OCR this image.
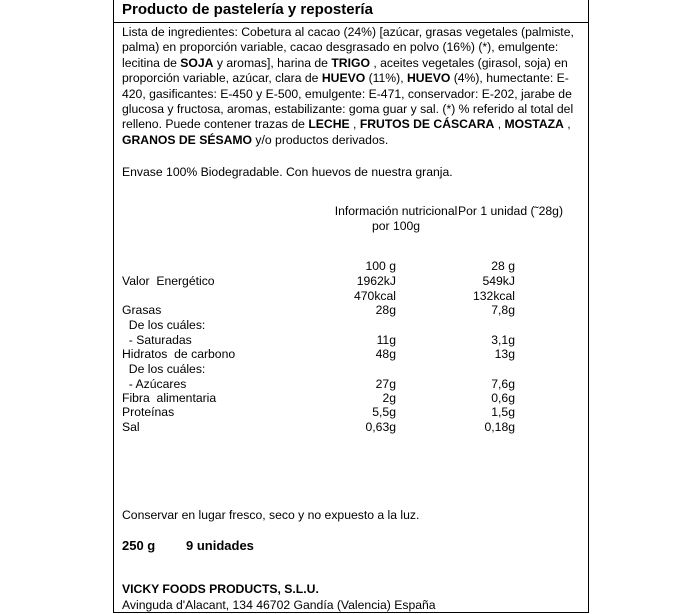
Producto de pastelería y repostería
Lista de ingredientes: Cobetura al cacao (24%) [azúcar, grasas vegetales (palmiste, palma) en proporción variable, cacao desgrasado en polvo (16%) (*), emulgente: lecitina de SOJA y aromas], harina de TRIGO , aceites vegetales (girasol, soja) en proporción variable, azúcar, clara de HUEVO (11%), HUEVO (4%), humectante: E-420, gasificantes: E-450 y E-500, emulgente: E-471, conservador: E-202, jarabe de glucosa y fructosa, aromas, estabilizante: goma guar y sal. (*) % referido al total del relleno. Puede contener trazas de LECHE , FRUTOS DE CÁSCARA , MOSTAZA , GRANOS DE SÉSAMO y/o productos derivados.
Envase 100% Biodegradable. Con huevos de nuestra granja.
Información nutricional
por 100g
Por 1 unidad (˜28g)
100 g	28 g
Valor  Energético	1962kJ	549kJ
470kcal	132kcal
Grasas	28g	7,8g
De los cuáles:
- Saturadas	11g	3,1g
Hidratos  de carbono	48g	13g
De los cuáles:
- Azúcares	27g	7,6g
Fibra  alimentaria	2g	0,6g
Proteínas	5,5g	1,5g
Sal	0,63g	0,18g
Conservar en lugar fresco, seco y no expuesto a la luz.
250 g 9 unidades
VICKY FOODS PRODUCTS, S.L.U.
Avinguda d'Alacant, 134 46702 Gandía (Valencia) España
